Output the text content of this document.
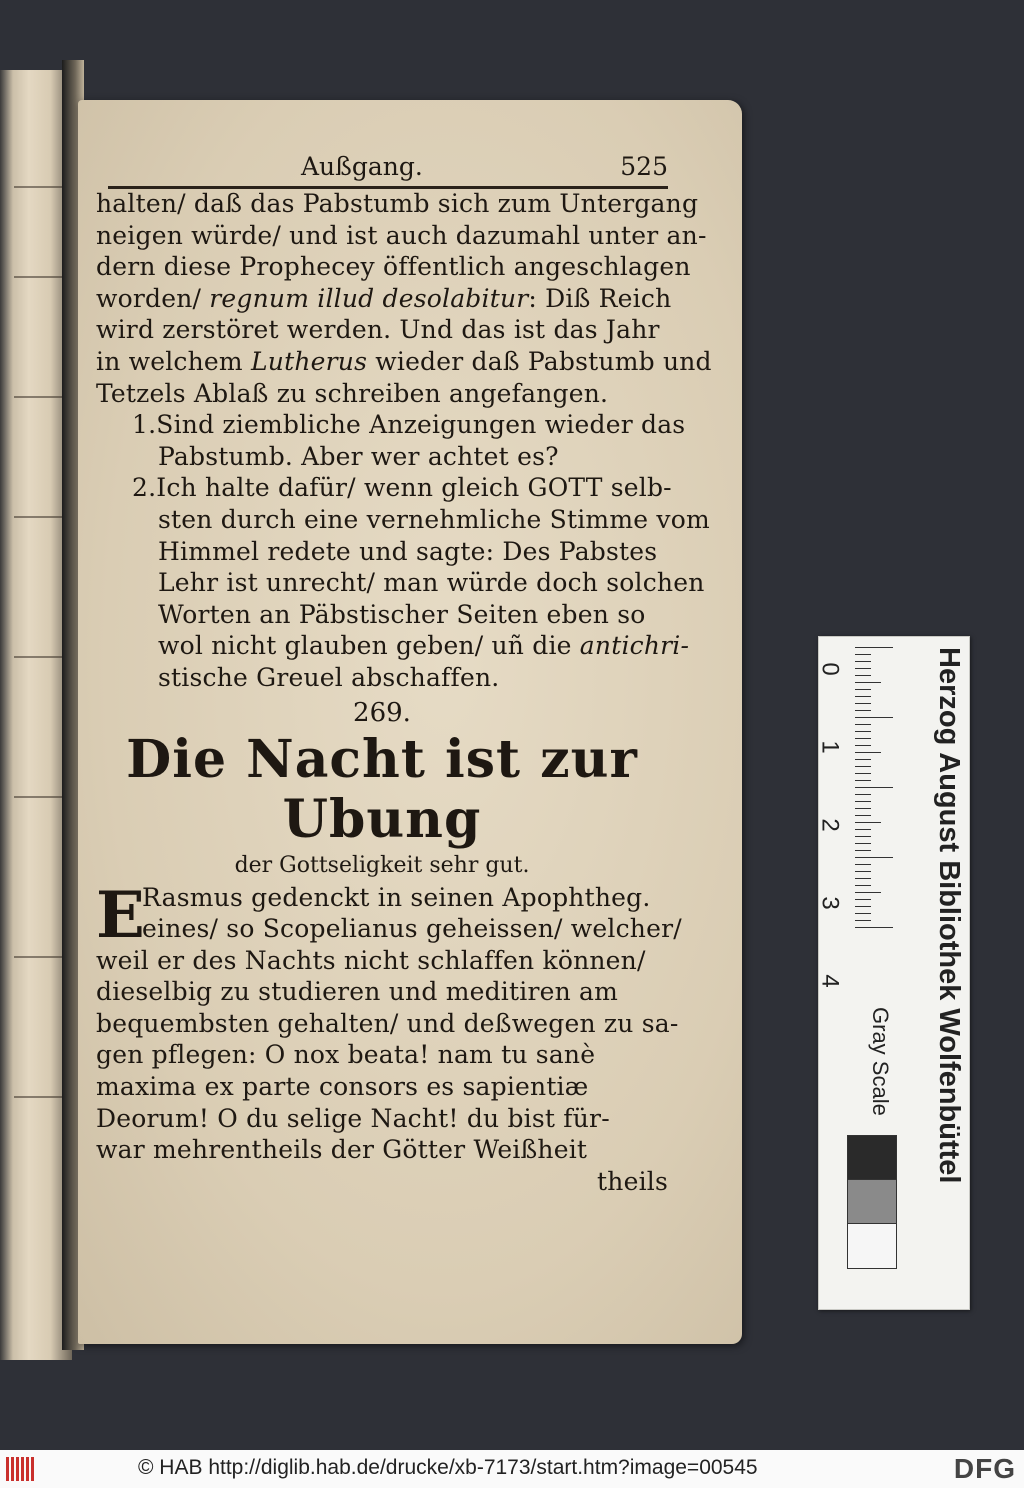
Außgang.	525
halten/ daß das Pabstumb sich zum Untergang
neigen würde/ und ist auch dazumahl unter an-
dern diese Prophecey öffentlich angeschlagen
worden/ regnum illud desolabitur: Diß Reich
wird zerstöret werden. Und das ist das Jahr
in welchem Lutherus wieder daß Pabstumb und
Tetzels Ablaß zu schreiben angefangen.
1.Sind ziembliche Anzeigungen wieder das
Pabstumb. Aber wer achtet es?
2.Ich halte dafür/ wenn gleich GOTT selb-
sten durch eine vernehmliche Stimme vom
Himmel redete und sagte: Des Pabstes
Lehr ist unrecht/ man würde doch solchen
Worten an Päbstischer Seiten eben so
wol nicht glauben geben/ uñ die antichri-
stische Greuel abschaffen.
269.
Die Nacht ist zur Ubung
der Gottseligkeit sehr gut.
E
Rasmus gedenckt in seinen Apophtheg.
eines/ so Scopelianus geheissen/ welcher/
weil er des Nachts nicht schlaffen können/
dieselbig zu studieren und meditiren am
bequembsten gehalten/ und deßwegen zu sa-
gen pflegen: O nox beata! nam tu sanè
maxima ex parte consors es sapientiæ
Deorum! O du selige Nacht! du bist für-
war mehrentheils der Götter Weißheit
theils	Herzog August Bibliothek Wolfenbüttel
0
1
2
3
4
Gray Scale
© HAB http://diglib.hab.de/drucke/xb-7173/start.htm?image=00545	DFG
